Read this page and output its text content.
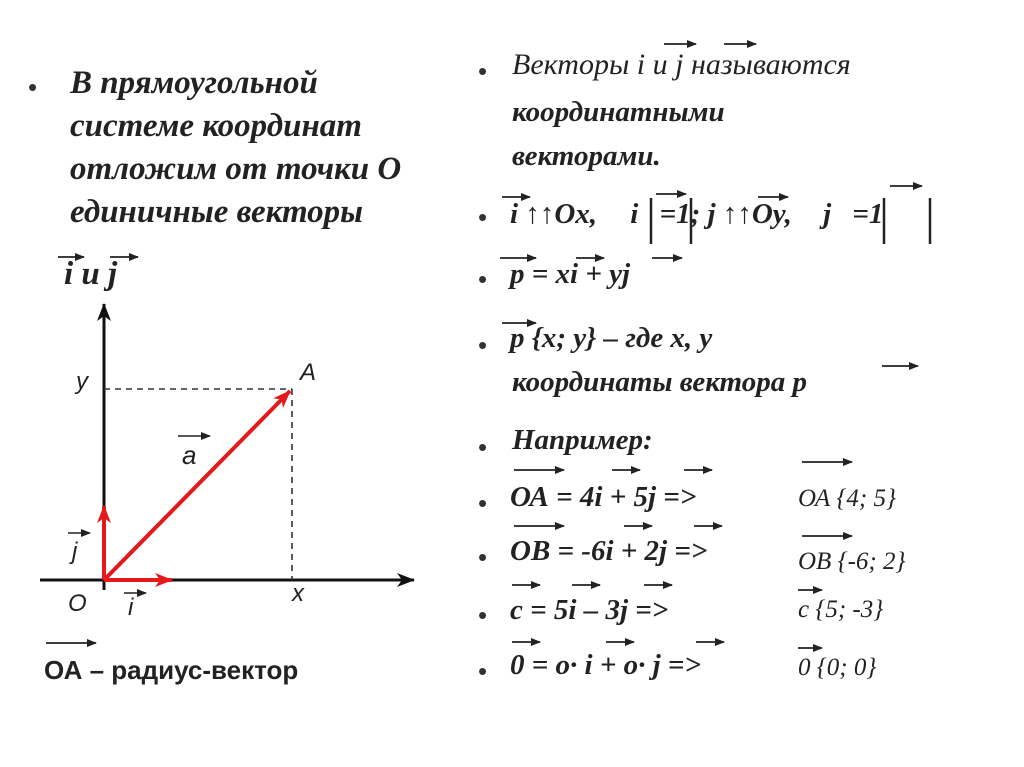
• В прямоугольной
системе координат
отложим от точки О
единичные векторы
i и j
y	A
a
j
O i
x
ОА – радиус-вектор
• Векторы i и j называются
координатными
векторами.
• i ↑↑Ox, i =1; j ↑↑Oy, j =1
• p = xi + yj
• p {x; y} – где x, y
координаты вектора p
• Например:
• ОА = 4i + 5j =>	ОА {4; 5}
• ОВ = -6i + 2j =>	ОВ {-6; 2}
• c = 5i – 3j =>	c {5; -3}
• 0 = o· i + o· j =>	0 {0; 0}
